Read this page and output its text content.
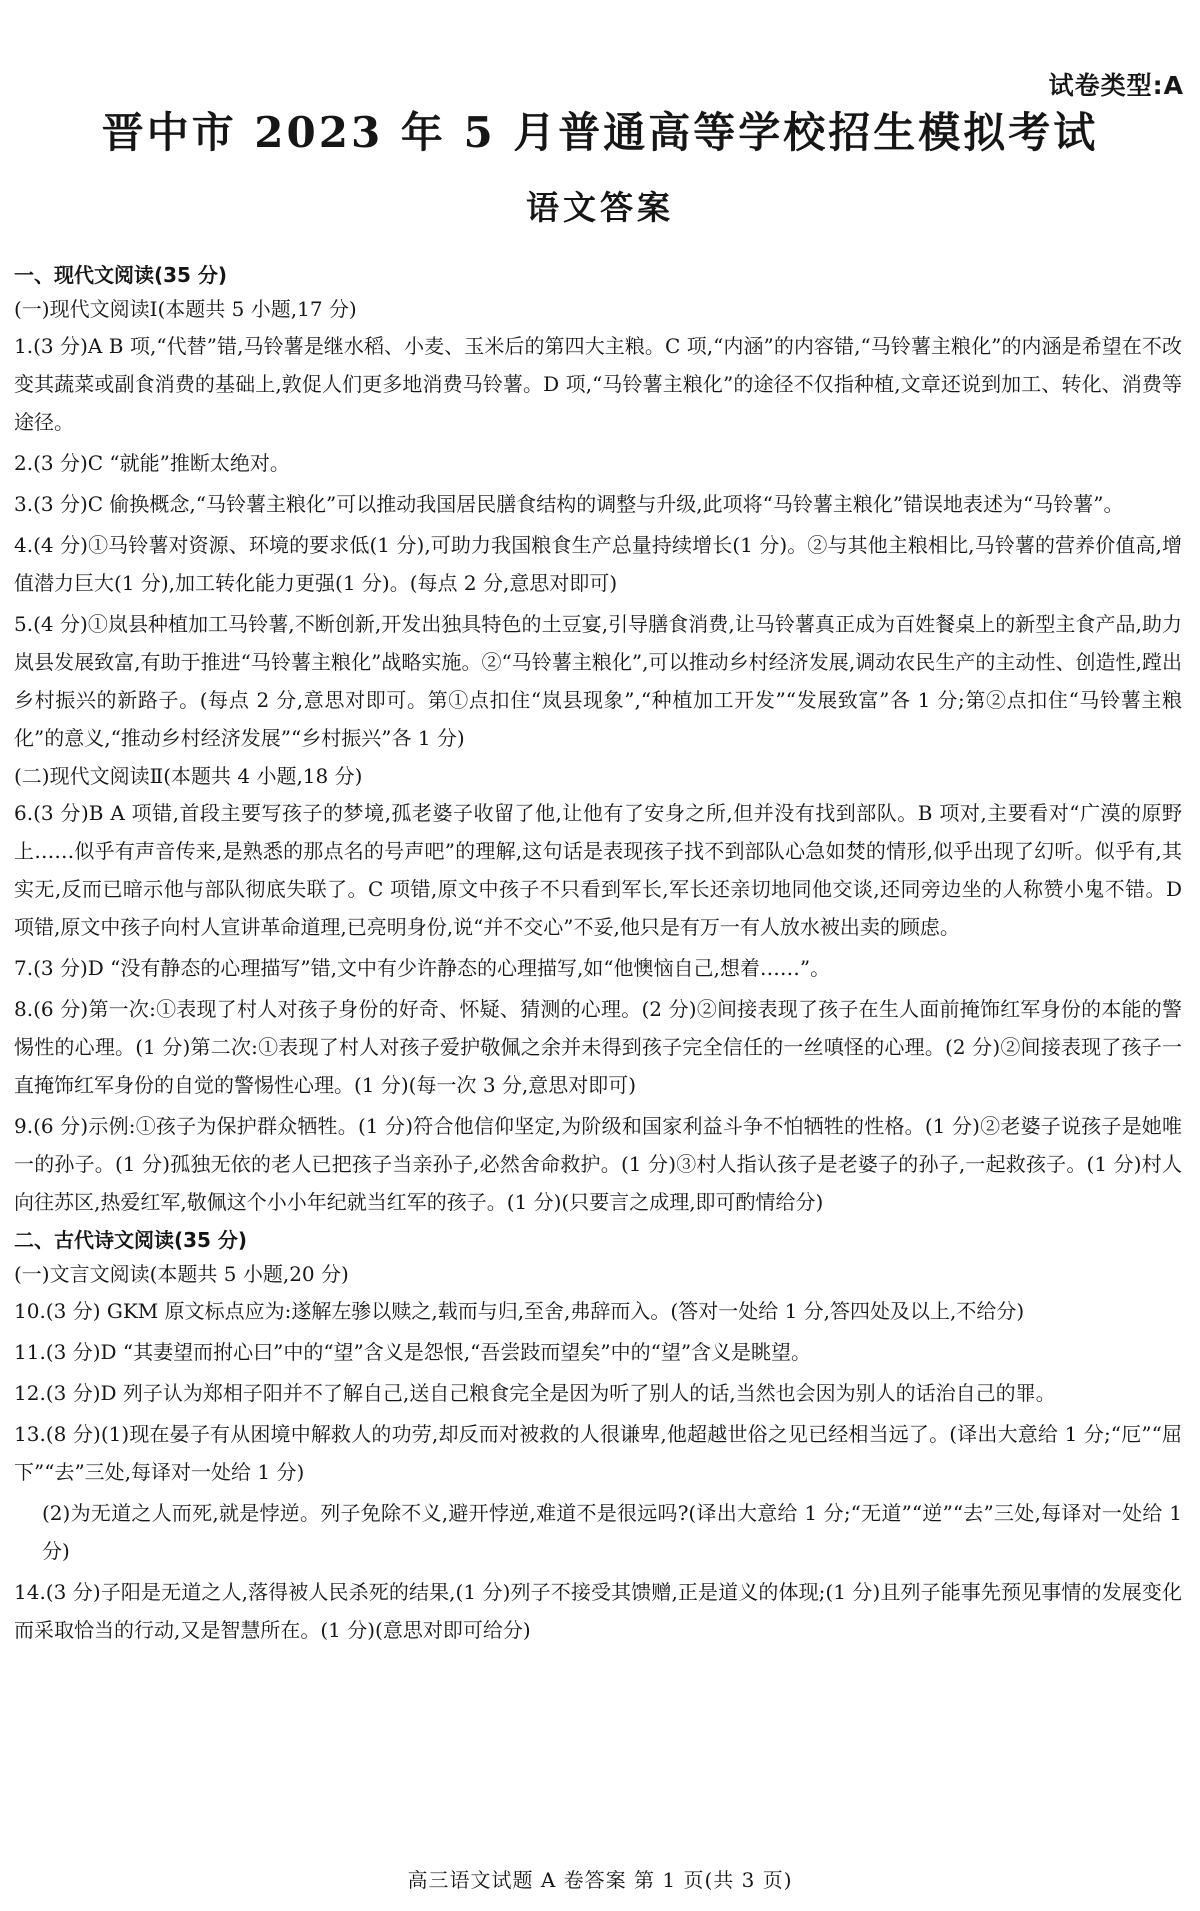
试卷类型:A
晋中市 2023 年 5 月普通高等学校招生模拟考试
语文答案
一、现代文阅读(35 分)
(一)现代文阅读Ⅰ(本题共 5 小题,17 分)

1.(3 分)A B 项,“代替”错,马铃薯是继水稻、小麦、玉米后的第四大主粮。C 项,“内涵”的内容错,“马铃薯主粮化”的内涵是希望在不改变其蔬菜或副食消费的基础上,敦促人们更多地消费马铃薯。D 项,“马铃薯主粮化”的途径不仅指种植,文章还说到加工、转化、消费等途径。

2.(3 分)C “就能”推断太绝对。

3.(3 分)C 偷换概念,“马铃薯主粮化”可以推动我国居民膳食结构的调整与升级,此项将“马铃薯主粮化”错误地表述为“马铃薯”。

4.(4 分)①马铃薯对资源、环境的要求低(1 分),可助力我国粮食生产总量持续增长(1 分)。②与其他主粮相比,马铃薯的营养价值高,增值潜力巨大(1 分),加工转化能力更强(1 分)。(每点 2 分,意思对即可)

5.(4 分)①岚县种植加工马铃薯,不断创新,开发出独具特色的土豆宴,引导膳食消费,让马铃薯真正成为百姓餐桌上的新型主食产品,助力岚县发展致富,有助于推进“马铃薯主粮化”战略实施。②“马铃薯主粮化”,可以推动乡村经济发展,调动农民生产的主动性、创造性,蹚出乡村振兴的新路子。(每点 2 分,意思对即可。第①点扣住“岚县现象”,“种植加工开发”“发展致富”各 1 分;第②点扣住“马铃薯主粮化”的意义,“推动乡村经济发展”“乡村振兴”各 1 分)

(二)现代文阅读Ⅱ(本题共 4 小题,18 分)

6.(3 分)B A 项错,首段主要写孩子的梦境,孤老婆子收留了他,让他有了安身之所,但并没有找到部队。B 项对,主要看对“广漠的原野上……似乎有声音传来,是熟悉的那点名的号声吧”的理解,这句话是表现孩子找不到部队心急如焚的情形,似乎出现了幻听。似乎有,其实无,反而已暗示他与部队彻底失联了。C 项错,原文中孩子不只看到军长,军长还亲切地同他交谈,还同旁边坐的人称赞小鬼不错。D 项错,原文中孩子向村人宣讲革命道理,已亮明身份,说“并不交心”不妥,他只是有万一有人放水被出卖的顾虑。

7.(3 分)D “没有静态的心理描写”错,文中有少许静态的心理描写,如“他懊恼自己,想着……”。

8.(6 分)第一次:①表现了村人对孩子身份的好奇、怀疑、猜测的心理。(2 分)②间接表现了孩子在生人面前掩饰红军身份的本能的警惕性的心理。(1 分)第二次:①表现了村人对孩子爱护敬佩之余并未得到孩子完全信任的一丝嗔怪的心理。(2 分)②间接表现了孩子一直掩饰红军身份的自觉的警惕性心理。(1 分)(每一次 3 分,意思对即可)

9.(6 分)示例:①孩子为保护群众牺牲。(1 分)符合他信仰坚定,为阶级和国家利益斗争不怕牺牲的性格。(1 分)②老婆子说孩子是她唯一的孙子。(1 分)孤独无依的老人已把孩子当亲孙子,必然舍命救护。(1 分)③村人指认孩子是老婆子的孙子,一起救孩子。(1 分)村人向往苏区,热爱红军,敬佩这个小小年纪就当红军的孩子。(1 分)(只要言之成理,即可酌情给分)

二、古代诗文阅读(35 分)
(一)文言文阅读(本题共 5 小题,20 分)

10.(3 分) GKM 原文标点应为:遂解左骖以赎之,载而与归,至舍,弗辞而入。(答对一处给 1 分,答四处及以上,不给分)

11.(3 分)D “其妻望而拊心曰”中的“望”含义是怨恨,“吾尝跂而望矣”中的“望”含义是眺望。

12.(3 分)D 列子认为郑相子阳并不了解自己,送自己粮食完全是因为听了别人的话,当然也会因为别人的话治自己的罪。

13.(8 分)(1)现在晏子有从困境中解救人的功劳,却反而对被救的人很谦卑,他超越世俗之见已经相当远了。(译出大意给 1 分;“厄”“屈下”“去”三处,每译对一处给 1 分)

(2)为无道之人而死,就是悖逆。列子免除不义,避开悖逆,难道不是很远吗?(译出大意给 1 分;“无道”“逆”“去”三处,每译对一处给 1 分)

14.(3 分)子阳是无道之人,落得被人民杀死的结果,(1 分)列子不接受其馈赠,正是道义的体现;(1 分)且列子能事先预见事情的发展变化而采取恰当的行动,又是智慧所在。(1 分)(意思对即可给分)

高三语文试题 A 卷答案 第 1 页(共 3 页)
